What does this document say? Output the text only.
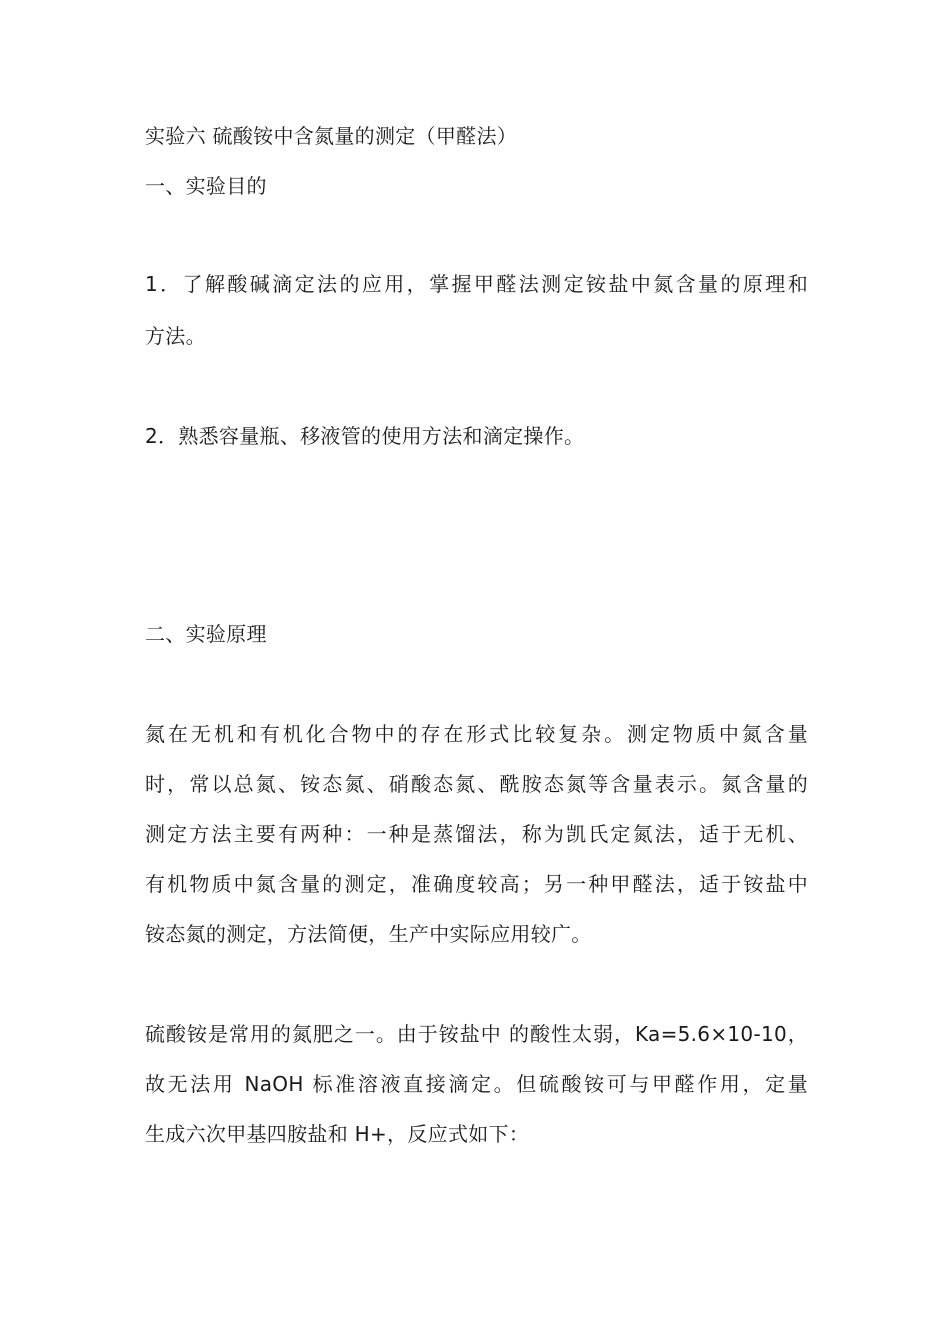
实验六 硫酸铵中含氮量的测定（甲醛法）
一、实验目的
1．了解酸碱滴定法的应用，掌握甲醛法测定铵盐中氮含量的原理和
方法。
2．熟悉容量瓶、移液管的使用方法和滴定操作。
二、实验原理
氮在无机和有机化合物中的存在形式比较复杂。测定物质中氮含量
时，常以总氮、铵态氮、硝酸态氮、酰胺态氮等含量表示。氮含量的
测定方法主要有两种：一种是蒸馏法，称为凯氏定氮法，适于无机、
有机物质中氮含量的测定，准确度较高；另一种甲醛法，适于铵盐中
铵态氮的测定，方法简便，生产中实际应用较广。
硫酸铵是常用的氮肥之一。由于铵盐中 的酸性太弱，Ka=5.6×10-10，
故无法用 NaOH 标准溶液直接滴定。但硫酸铵可与甲醛作用，定量
生成六次甲基四胺盐和 H+，反应式如下：
